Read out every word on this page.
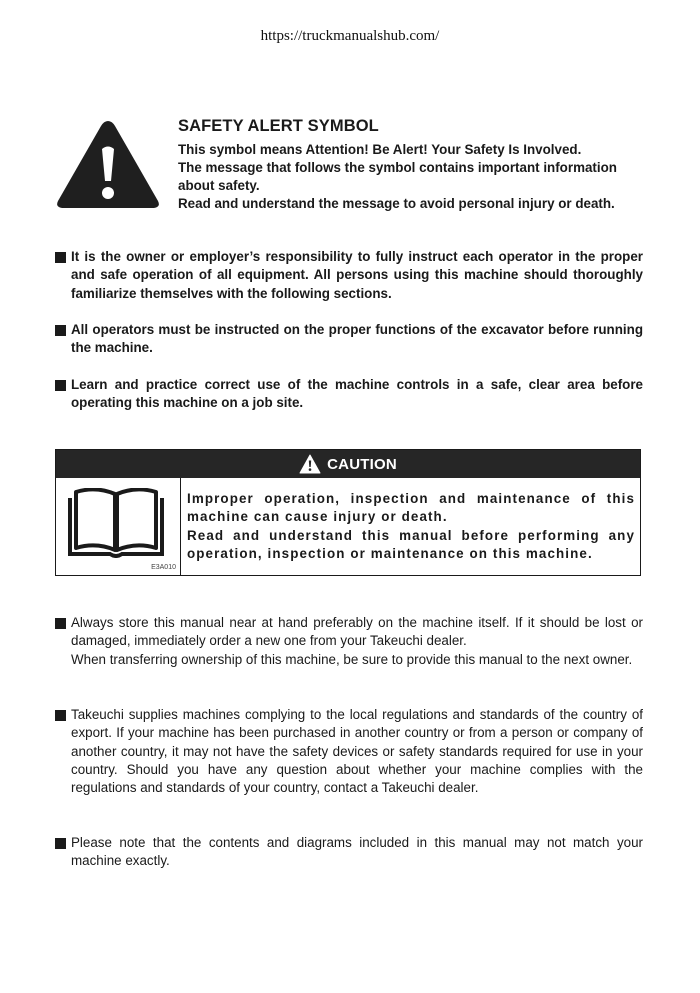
https://truckmanualshub.com/
SAFETY ALERT SYMBOL
This symbol means Attention! Be Alert! Your Safety Is Involved.
The message that follows the symbol contains important information about safety.
Read and understand the message to avoid personal injury or death.

It is the owner or employer’s responsibility to fully instruct each operator in the proper and safe operation of all equipment. All persons using this machine should thoroughly familiarize themselves with the following sections.

All operators must be instructed on the proper functions of the excavator before running the machine.

Learn and practice correct use of the machine controls in a safe, clear area before operating this machine on a job site.

CAUTION
E3A010

Improper operation, inspection and maintenance of this machine can cause injury or death.

Read and understand this manual before performing any operation, inspection or maintenance on this machine.

Always store this manual near at hand preferably on the machine itself. If it should be lost or damaged, immediately order a new one from your Takeuchi dealer.

When transferring ownership of this machine, be sure to provide this manual to the next owner.

Takeuchi supplies machines complying to the local regulations and standards of the country of export. If your machine has been purchased in another country or from a person or company of another country, it may not have the safety devices or safety standards required for use in your country. Should you have any question about whether your machine complies with the regulations and standards of your country, contact a Takeuchi dealer.

Please note that the contents and diagrams included in this manual may not match your machine exactly.
